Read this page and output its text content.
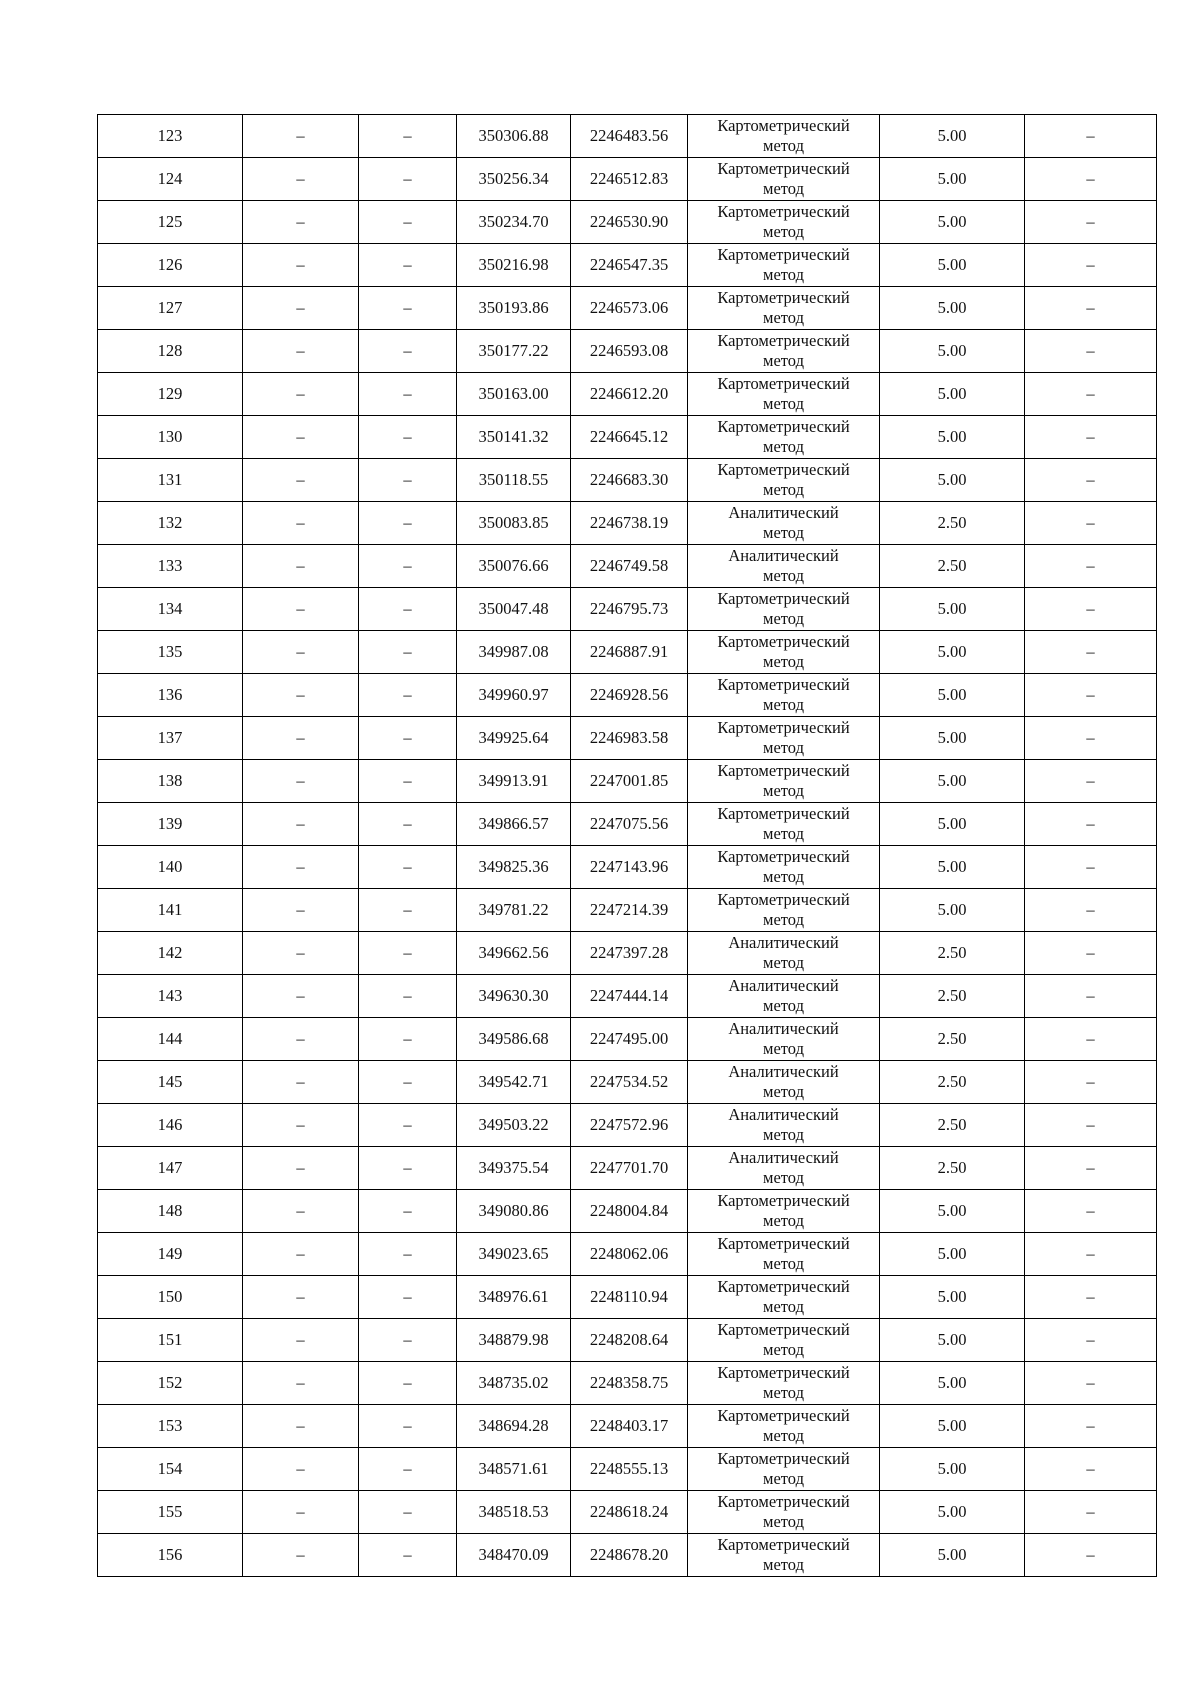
123	–	–	350306.88	2246483.56	Картометрический
метод	5.00	–
124	–	–	350256.34	2246512.83	Картометрический
метод	5.00	–
125	–	–	350234.70	2246530.90	Картометрический
метод	5.00	–
126	–	–	350216.98	2246547.35	Картометрический
метод	5.00	–
127	–	–	350193.86	2246573.06	Картометрический
метод	5.00	–
128	–	–	350177.22	2246593.08	Картометрический
метод	5.00	–
129	–	–	350163.00	2246612.20	Картометрический
метод	5.00	–
130	–	–	350141.32	2246645.12	Картометрический
метод	5.00	–
131	–	–	350118.55	2246683.30	Картометрический
метод	5.00	–
132	–	–	350083.85	2246738.19	Аналитический
метод	2.50	–
133	–	–	350076.66	2246749.58	Аналитический
метод	2.50	–
134	–	–	350047.48	2246795.73	Картометрический
метод	5.00	–
135	–	–	349987.08	2246887.91	Картометрический
метод	5.00	–
136	–	–	349960.97	2246928.56	Картометрический
метод	5.00	–
137	–	–	349925.64	2246983.58	Картометрический
метод	5.00	–
138	–	–	349913.91	2247001.85	Картометрический
метод	5.00	–
139	–	–	349866.57	2247075.56	Картометрический
метод	5.00	–
140	–	–	349825.36	2247143.96	Картометрический
метод	5.00	–
141	–	–	349781.22	2247214.39	Картометрический
метод	5.00	–
142	–	–	349662.56	2247397.28	Аналитический
метод	2.50	–
143	–	–	349630.30	2247444.14	Аналитический
метод	2.50	–
144	–	–	349586.68	2247495.00	Аналитический
метод	2.50	–
145	–	–	349542.71	2247534.52	Аналитический
метод	2.50	–
146	–	–	349503.22	2247572.96	Аналитический
метод	2.50	–
147	–	–	349375.54	2247701.70	Аналитический
метод	2.50	–
148	–	–	349080.86	2248004.84	Картометрический
метод	5.00	–
149	–	–	349023.65	2248062.06	Картометрический
метод	5.00	–
150	–	–	348976.61	2248110.94	Картометрический
метод	5.00	–
151	–	–	348879.98	2248208.64	Картометрический
метод	5.00	–
152	–	–	348735.02	2248358.75	Картометрический
метод	5.00	–
153	–	–	348694.28	2248403.17	Картометрический
метод	5.00	–
154	–	–	348571.61	2248555.13	Картометрический
метод	5.00	–
155	–	–	348518.53	2248618.24	Картометрический
метод	5.00	–
156	–	–	348470.09	2248678.20	Картометрический
метод	5.00	–
